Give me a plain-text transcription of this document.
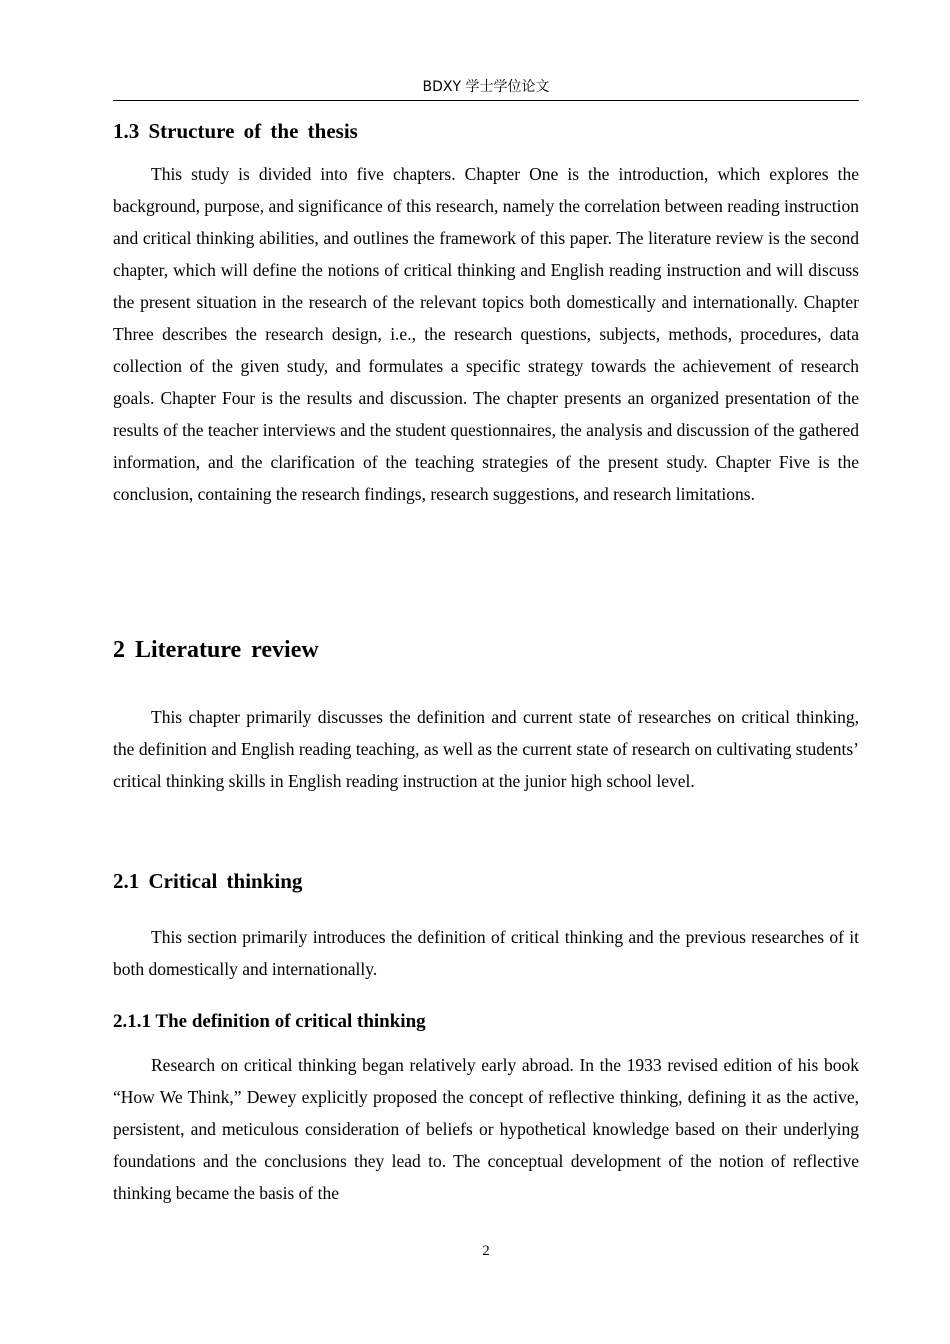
BDXY 学士学位论文
1.3 Structure of the thesis

This study is divided into five chapters. Chapter One is the introduction, which explores the background, purpose, and significance of this research, namely the correlation between reading instruction and critical thinking abilities, and outlines the framework of this paper. The literature review is the second chapter, which will define the notions of critical thinking and English reading instruction and will discuss the present situation in the research of the relevant topics both domestically and internationally. Chapter Three describes the research design, i.e., the research questions, subjects, methods, procedures, data collection of the given study, and formulates a specific strategy towards the achievement of research goals. Chapter Four is the results and discussion. The chapter presents an organized presentation of the results of the teacher interviews and the student questionnaires, the analysis and discussion of the gathered information, and the clarification of the teaching strategies of the present study. Chapter Five is the conclusion, containing the research findings, research suggestions, and research limitations.

2 Literature review

This chapter primarily discusses the definition and current state of researches on critical thinking, the definition and English reading teaching, as well as the current state of research on cultivating students’ critical thinking skills in English reading instruction at the junior high school level.

2.1 Critical thinking

This section primarily introduces the definition of critical thinking and the previous researches of it both domestically and internationally.

2.1.1 The definition of critical thinking

Research on critical thinking began relatively early abroad. In the 1933 revised edition of his book “How We Think,” Dewey explicitly proposed the concept of reflective thinking, defining it as the active, persistent, and meticulous consideration of beliefs or hypothetical knowledge based on their underlying foundations and the conclusions they lead to. The conceptual development of the notion of reflective thinking became the basis of the

2
